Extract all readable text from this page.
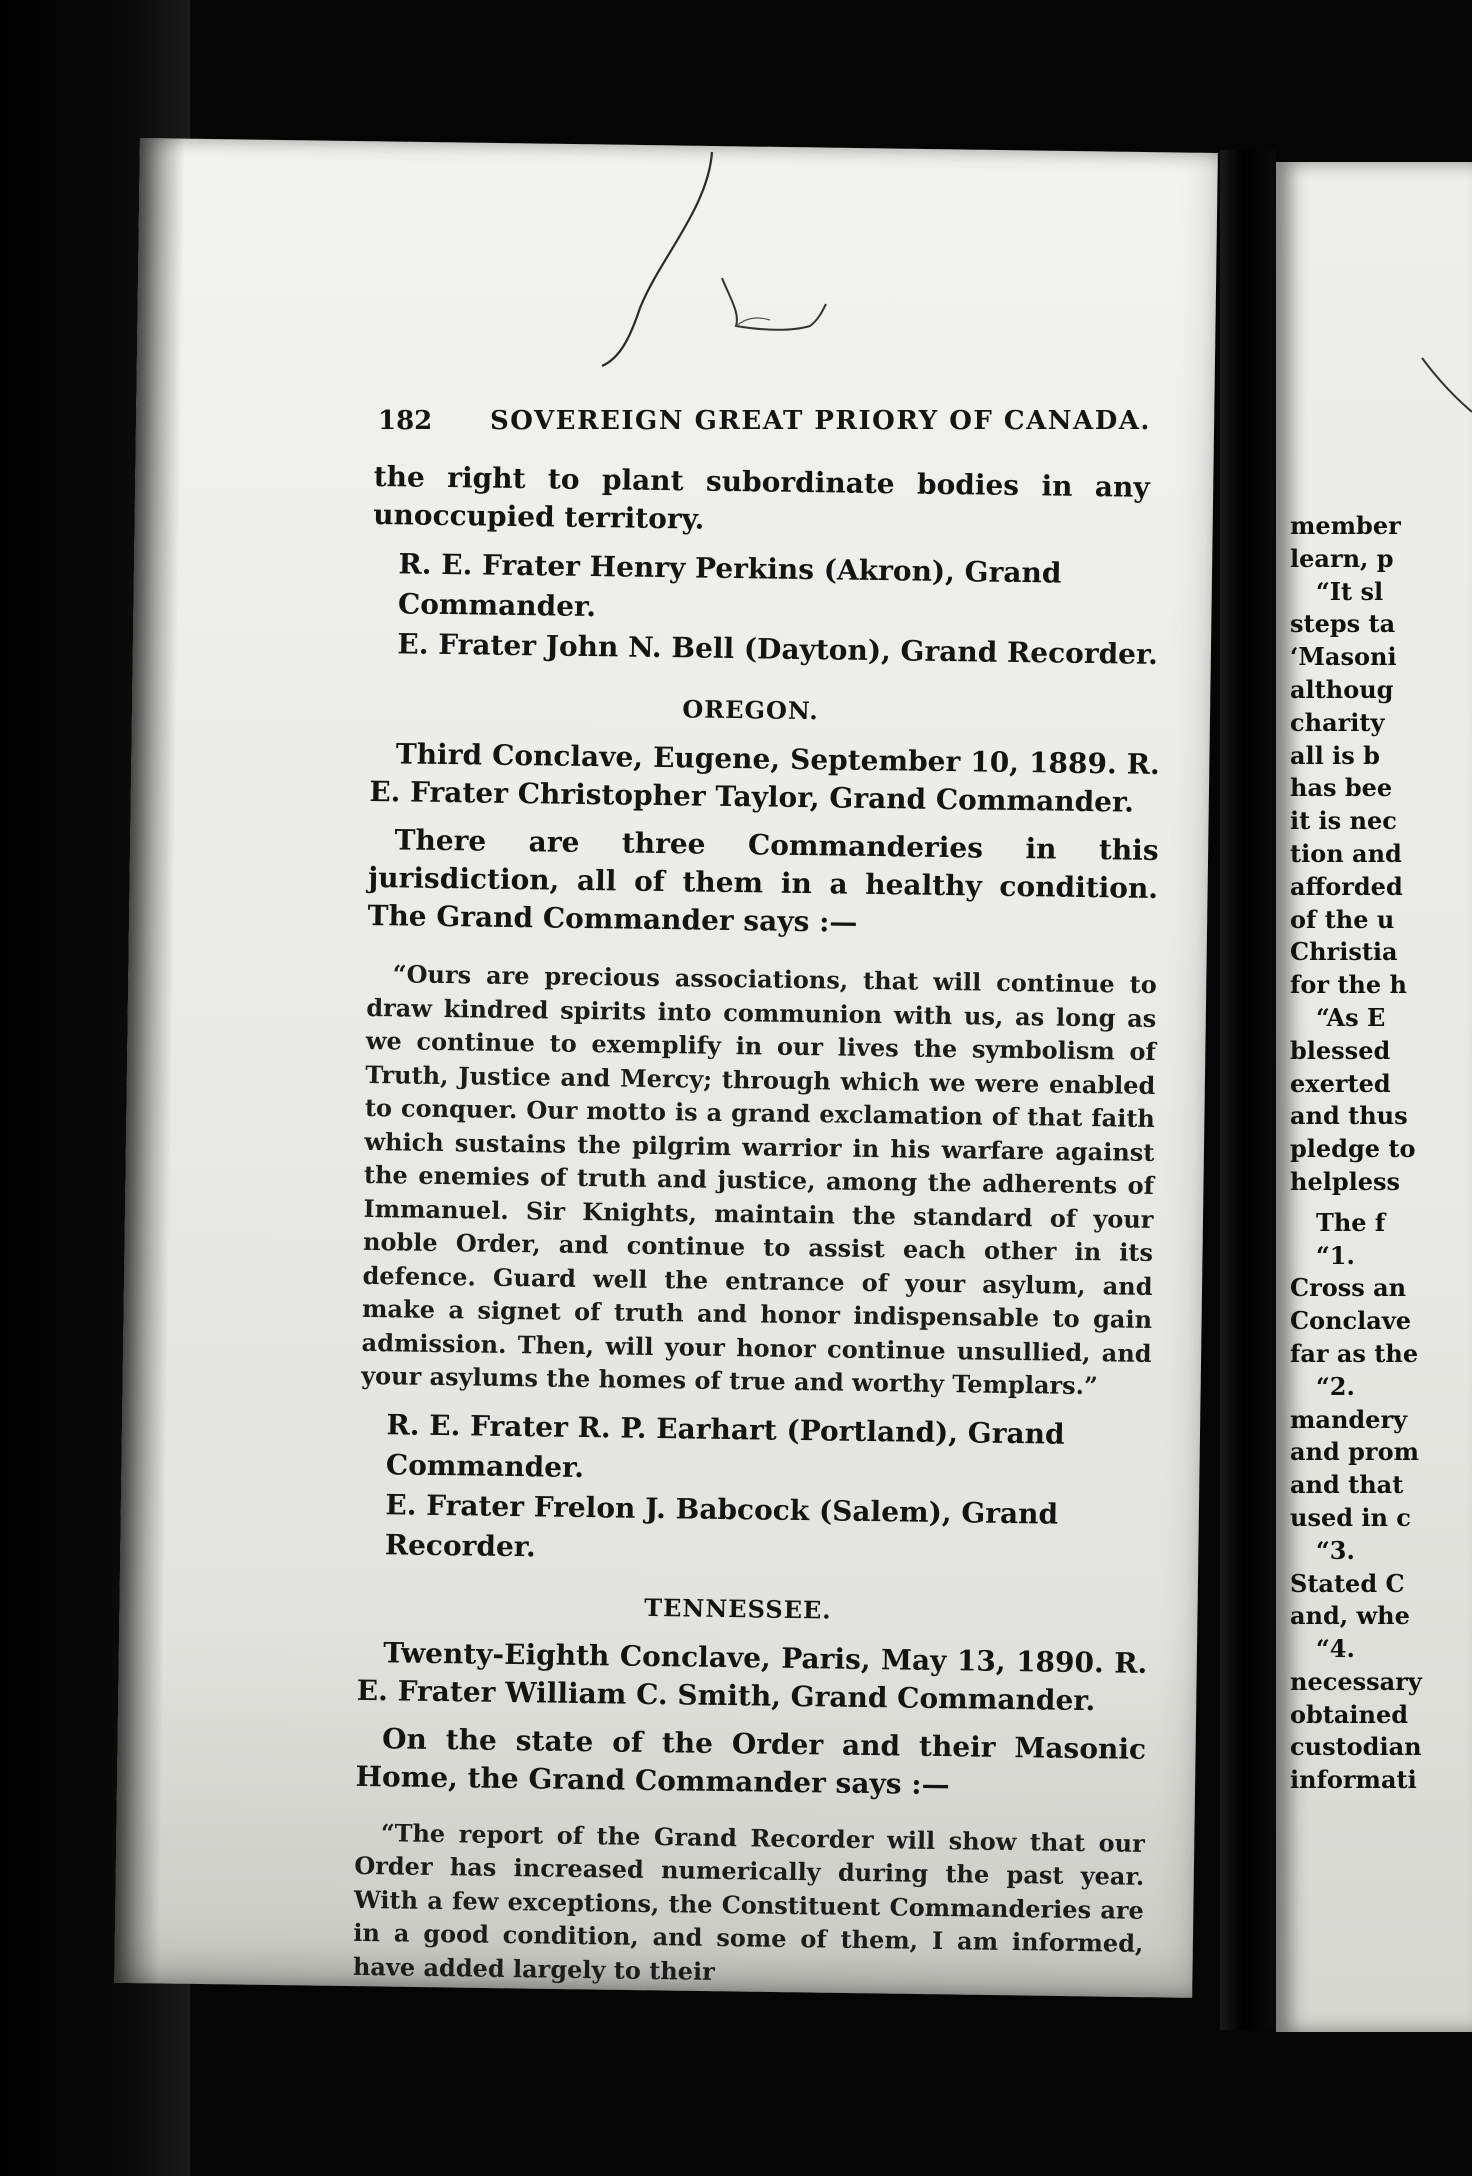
182 SOVEREIGN GREAT PRIORY OF CANADA.

the right to plant subordinate bodies in any unoccupied territory.

R. E. Frater Henry Perkins (Akron), Grand Commander.

E. Frater John N. Bell (Dayton), Grand Recorder.

OREGON.

Third Conclave, Eugene, September 10, 1889. R. E. Frater Christopher Taylor, Grand Commander.

There are three Commanderies in this jurisdiction, all of them in a healthy condition. The Grand Commander says :—

“Ours are precious associations, that will continue to draw kindred spirits into communion with us, as long as we continue to exemplify in our lives the symbolism of Truth, Justice and Mercy; through which we were enabled to conquer. Our motto is a grand exclamation of that faith which sustains the pilgrim warrior in his warfare against the enemies of truth and justice, among the adherents of Immanuel. Sir Knights, maintain the standard of your noble Order, and continue to assist each other in its defence. Guard well the entrance of your asylum, and make a signet of truth and honor indispensable to gain admission. Then, will your honor continue unsullied, and your asylums the homes of true and worthy Templars.”

R. E. Frater R. P. Earhart (Portland), Grand Commander.

E. Frater Frelon J. Babcock (Salem), Grand Recorder.

TENNESSEE.

Twenty-Eighth Conclave, Paris, May 13, 1890. R. E. Frater William C. Smith, Grand Commander.

On the state of the Order and their Masonic Home, the Grand Commander says :—

“The report of the Grand Recorder will show that our Order has increased numerically during the past year. With a few exceptions, the Constituent Commanderies are in a good condition, and some of them, I am informed, have added largely to their

member
learn, p
“It sl
steps ta
‘Masoni
althoug
charity
all is b
has bee
it is nec
tion and
afforded
of the u
Christia
for the h
“As E
blessed
exerted
and thus
pledge to
helpless
The f
“1.
Cross an
Conclave
far as the
“2.
mandery
and prom
and that
used in c
“3.
Stated C
and, whe
“4.
necessary
obtained
custodian
informati
